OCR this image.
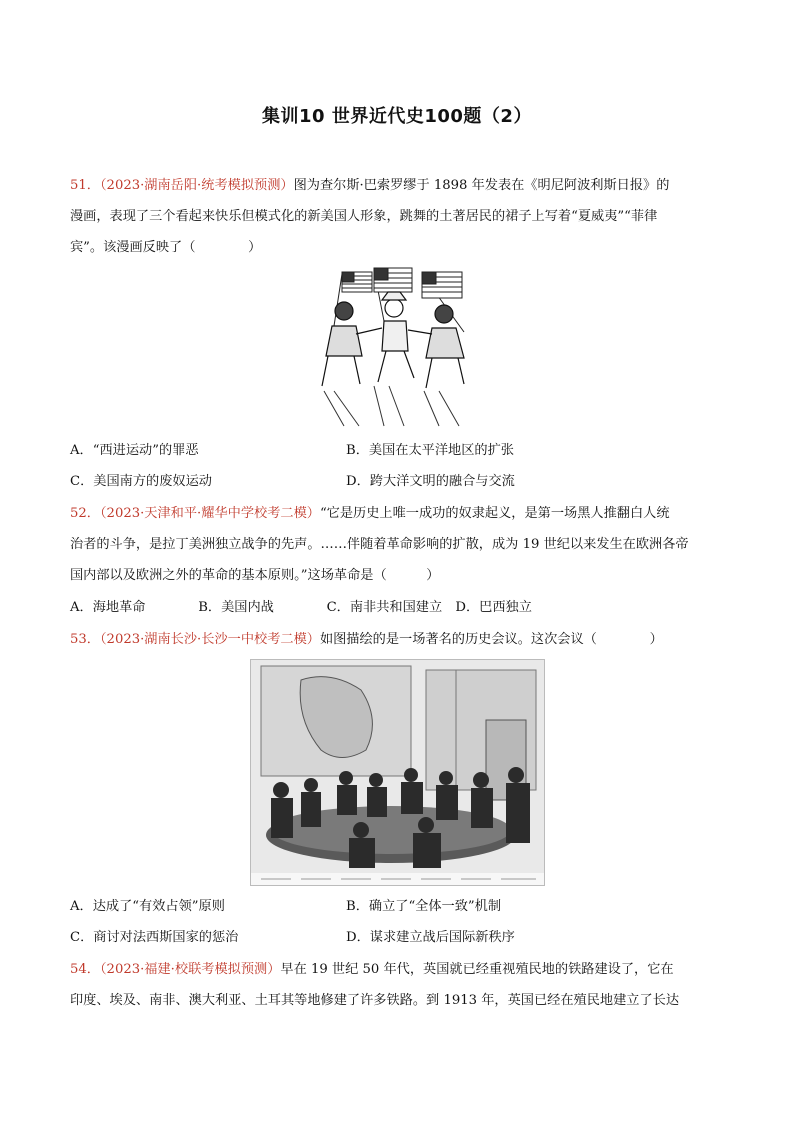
集训10 世界近代史100题（2）
51．（2023·湖南岳阳·统考模拟预测）图为查尔斯·巴索罗缪于 1898 年发表在《明尼阿波利斯日报》的
漫画，表现了三个看起来快乐但模式化的新美国人形象，跳舞的土著居民的裙子上写着“夏威夷”“菲律
宾”。该漫画反映了（　　　　）
A．“西进运动”的罪恶	B．美国在太平洋地区的扩张
C．美国南方的废奴运动	D．跨大洋文明的融合与交流
52．（2023·天津和平·耀华中学校考二模）“它是历史上唯一成功的奴隶起义，是第一场黑人推翻白人统
治者的斗争，是拉丁美洲独立战争的先声。……伴随着革命影响的扩散，成为 19 世纪以来发生在欧洲各帝
国内部以及欧洲之外的革命的基本原则。”这场革命是（　　　）
A．海地革命　　　　B．美国内战　　　　C．南非共和国建立　D．巴西独立
53．（2023·湖南长沙·长沙一中校考二模）如图描绘的是一场著名的历史会议。这次会议（　　　　）
A．达成了“有效占领”原则	B．确立了“全体一致”机制
C．商讨对法西斯国家的惩治	D．谋求建立战后国际新秩序
54．（2023·福建·校联考模拟预测）早在 19 世纪 50 年代，英国就已经重视殖民地的铁路建设了，它在
印度、埃及、南非、澳大利亚、土耳其等地修建了许多铁路。到 1913 年，英国已经在殖民地建立了长达
